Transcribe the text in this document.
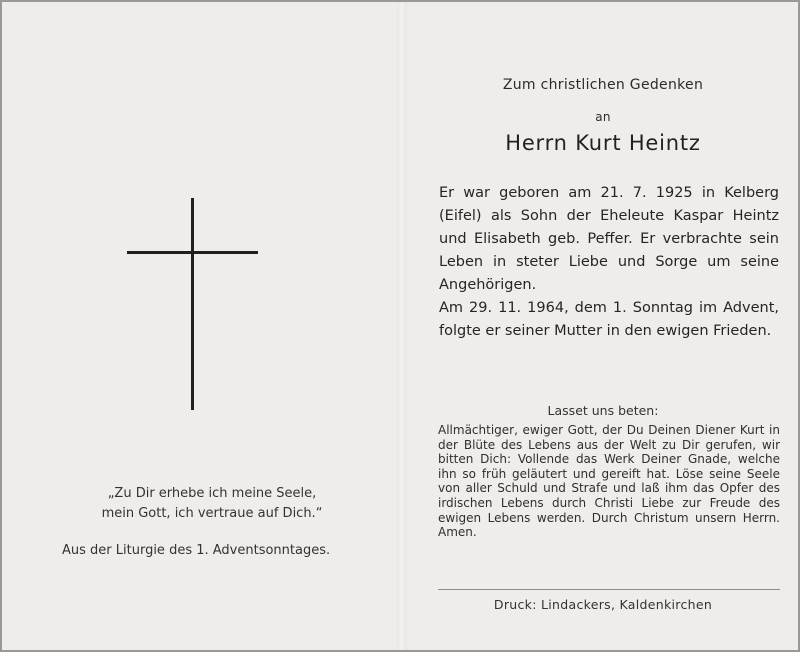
„Zu Dir erhebe ich meine Seele,
mein Gott, ich vertraue auf Dich.“
Aus der Liturgie des 1. Adventsonntages.
Zum christlichen Gedenken
an
Herrn Kurt Heintz

Er war geboren am 21. 7. 1925 in Kelberg (Eifel) als Sohn der Eheleute Kaspar Heintz und Elisabeth geb. Peffer. Er verbrachte sein Leben in steter Liebe und Sorge um seine Angehörigen.

Am 29. 11. 1964, dem 1. Sonntag im Advent, folgte er seiner Mutter in den ewigen Frieden.

Lasset uns beten:
Allmächtiger, ewiger Gott, der Du Deinen Diener Kurt in der Blüte des Lebens aus der Welt zu Dir gerufen, wir bitten Dich: Vollende das Werk Deiner Gnade, welche ihn so früh geläutert und gereift hat. Löse seine Seele von aller Schuld und Strafe und laß ihm das Opfer des irdischen Lebens durch Christi Liebe zur Freude des ewigen Lebens werden. Durch Christum unsern Herrn. Amen.
Druck: Lindackers, Kaldenkirchen
